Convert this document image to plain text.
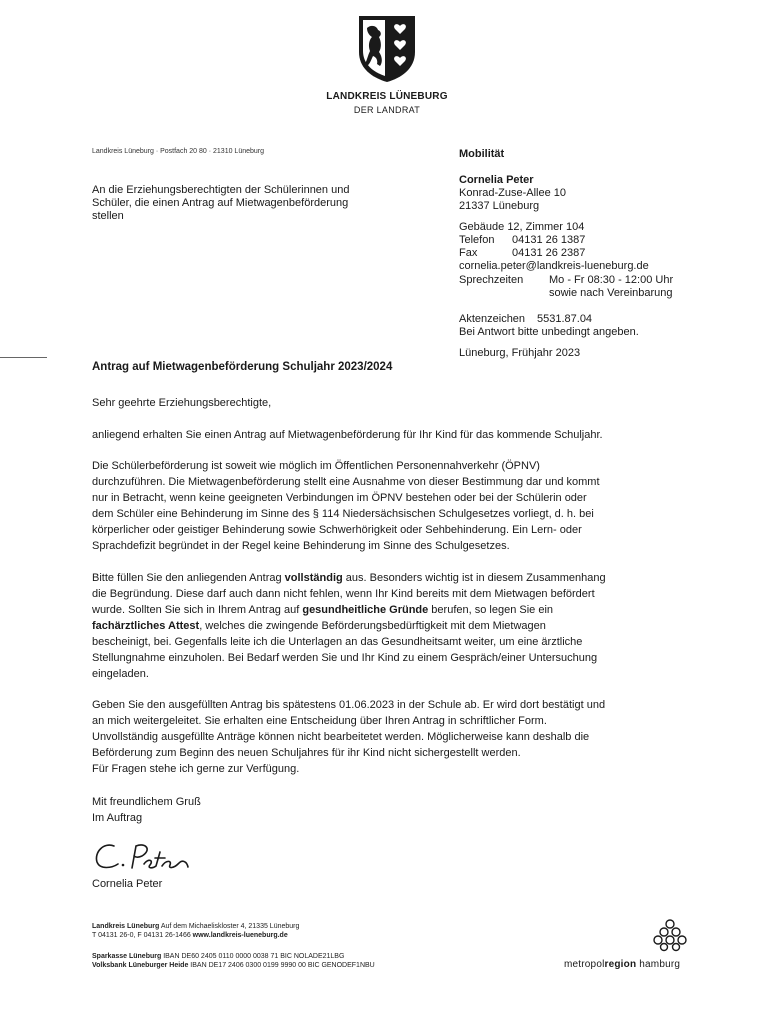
LANDKREIS LÜNEBURG
DER LANDRAT
Landkreis Lüneburg · Postfach 20 80 · 21310 Lüneburg
An die Erziehungsberechtigten der Schülerinnen und
Schüler, die einen Antrag auf Mietwagenbeförderung
stellen
Mobilität
Cornelia Peter
Konrad-Zuse-Allee 10
21337 Lüneburg
Gebäude 12, Zimmer 104
Telefon	04131 26 1387
Fax	04131 26 2387
cornelia.peter@landkreis-lueneburg.de
Sprechzeiten	Mo - Fr 08:30 - 12:00 Uhr
sowie nach Vereinbarung
Aktenzeichen	5531.87.04
Bei Antwort bitte unbedingt angeben.
Lüneburg, Frühjahr 2023
Antrag auf Mietwagenbeförderung Schuljahr 2023/2024
Sehr geehrte Erziehungsberechtigte,
anliegend erhalten Sie einen Antrag auf Mietwagenbeförderung für Ihr Kind für das kommende Schuljahr.
Die Schülerbeförderung ist soweit wie möglich im Öffentlichen Personennahverkehr (ÖPNV)
durchzuführen. Die Mietwagenbeförderung stellt eine Ausnahme von dieser Bestimmung dar und kommt
nur in Betracht, wenn keine geeigneten Verbindungen im ÖPNV bestehen oder bei der Schülerin oder
dem Schüler eine Behinderung im Sinne des § 114 Niedersächsischen Schulgesetzes vorliegt, d. h. bei
körperlicher oder geistiger Behinderung sowie Schwerhörigkeit oder Sehbehinderung. Ein Lern- oder
Sprachdefizit begründet in der Regel keine Behinderung im Sinne des Schulgesetzes.
Bitte füllen Sie den anliegenden Antrag vollständig aus. Besonders wichtig ist in diesem Zusammenhang
die Begründung. Diese darf auch dann nicht fehlen, wenn Ihr Kind bereits mit dem Mietwagen befördert
wurde. Sollten Sie sich in Ihrem Antrag auf gesundheitliche Gründe berufen, so legen Sie ein
fachärztliches Attest, welches die zwingende Beförderungsbedürftigkeit mit dem Mietwagen
bescheinigt, bei. Gegenfalls leite ich die Unterlagen an das Gesundheitsamt weiter, um eine ärztliche
Stellungnahme einzuholen. Bei Bedarf werden Sie und Ihr Kind zu einem Gespräch/einer Untersuchung
eingeladen.
Geben Sie den ausgefüllten Antrag bis spätestens 01.06.2023 in der Schule ab. Er wird dort bestätigt und
an mich weitergeleitet. Sie erhalten eine Entscheidung über Ihren Antrag in schriftlicher Form.
Unvollständig ausgefüllte Anträge können nicht bearbeitetet werden. Möglicherweise kann deshalb die
Beförderung zum Beginn des neuen Schuljahres für ihr Kind nicht sichergestellt werden.
Für Fragen stehe ich gerne zur Verfügung.
Mit freundlichem Gruß
Im Auftrag
Cornelia Peter
Landkreis Lüneburg Auf dem Michaeliskloster 4, 21335 Lüneburg
T 04131 26-0, F 04131 26-1466 www.landkreis-lueneburg.de
Sparkasse Lüneburg IBAN DE60 2405 0110 0000 0038 71 BIC NOLADE21LBG
Volksbank Lüneburger Heide IBAN DE17 2406 0300 0199 9990 00 BIC GENODEF1NBU	metropolregion hamburg
